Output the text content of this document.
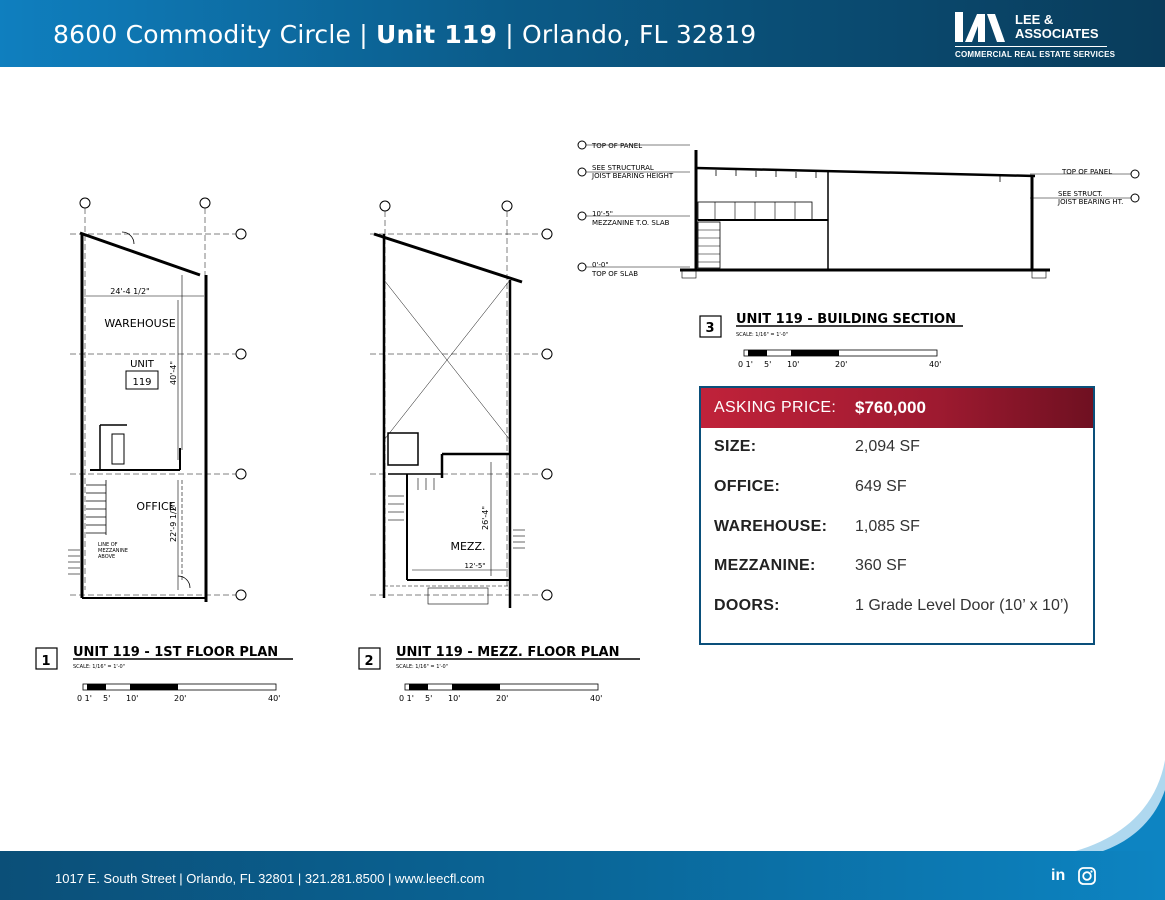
8600 Commodity Circle | Unit 119 | Orlando, FL 32819
LEE &
ASSOCIATES
COMMERCIAL REAL ESTATE SERVICES
24'-4 1/2"
WAREHOUSE
UNIT
119 40'-4"
OFFICE
22'-9 1/2"
LINE OF
MEZZANINE
ABOVE
1
UNIT 119 - 1ST FLOOR PLAN
SCALE: 1/16" = 1'-0"
0 1' 5' 10'	20'	40'
MEZZ.
26'-4"
12'-5"
2
UNIT 119 - MEZZ. FLOOR PLAN
SCALE: 1/16" = 1'-0"
0 1' 5' 10'	20'	40'
TOP OF PANEL
SEE STRUCTURAL
JOIST BEARING HEIGHT
10'-5"
MEZZANINE T.O. SLAB
0'-0"
TOP OF SLAB
TOP OF PANEL
SEE STRUCT.
JOIST BEARING HT.
3
UNIT 119 - BUILDING SECTION
SCALE: 1/16" = 1'-0"
0 1' 5' 10'	20'	40'
ASKING PRICE: $760,000
SIZE:	2,094 SF
OFFICE:	649 SF
WAREHOUSE: 1,085 SF
MEZZANINE: 360 SF
DOORS:	1 Grade Level Door (10’ x 10’)
1017 E. South Street | Orlando, FL 32801 | 321.281.8500 | www.leecfl.com	in
